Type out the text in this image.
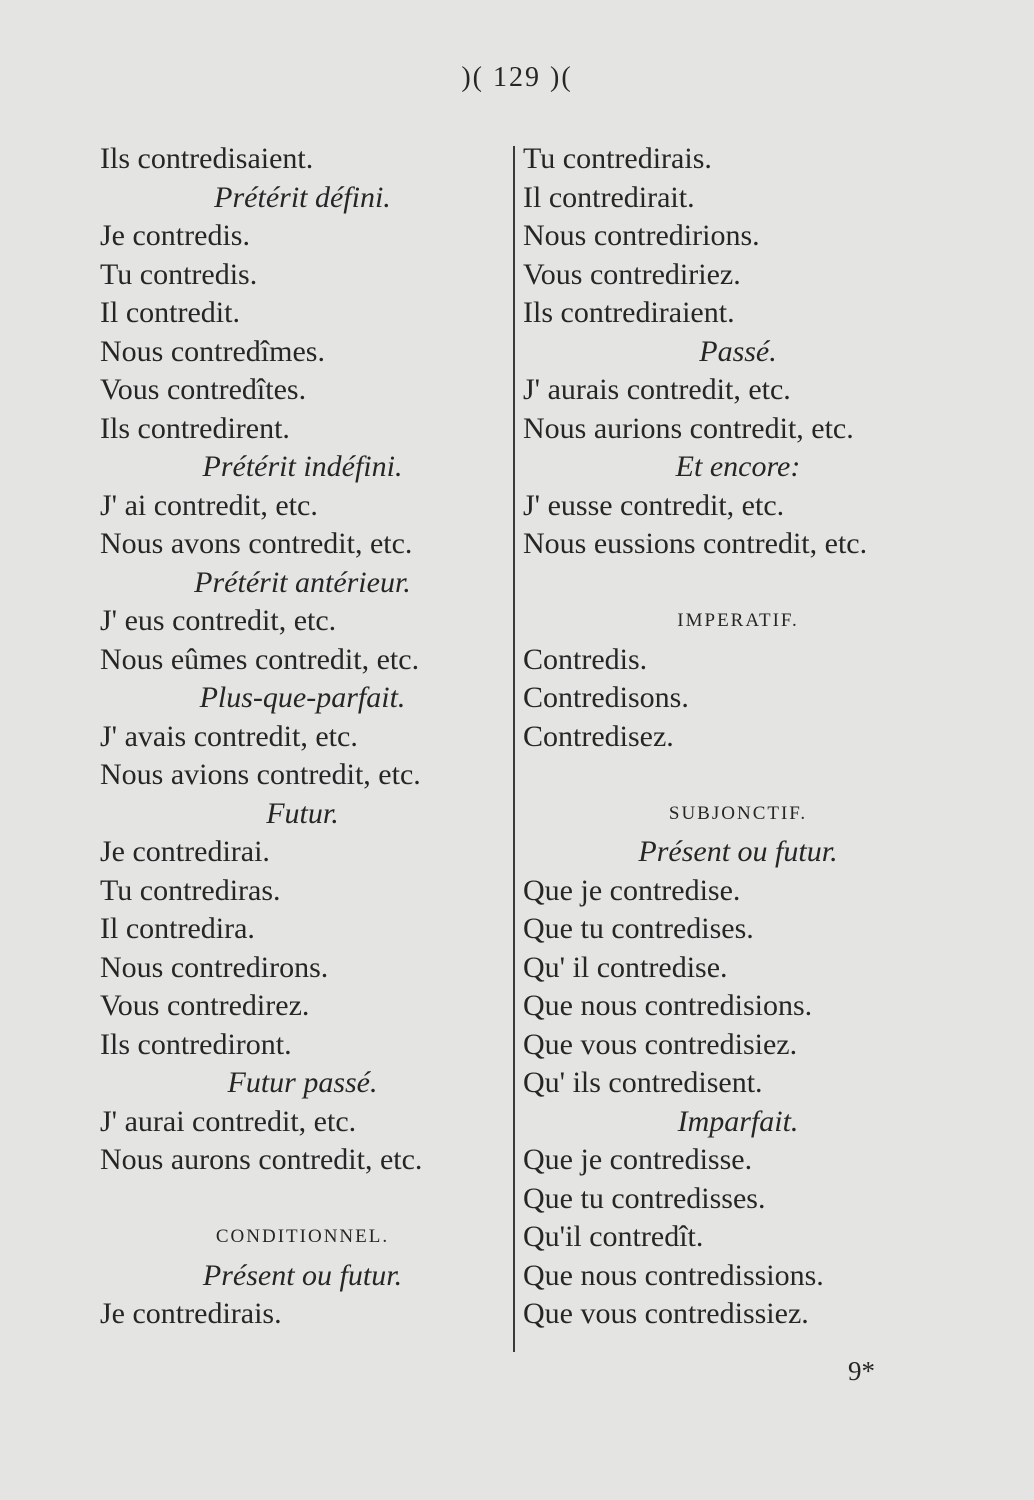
)( 129 )(
Ils contredisaient.
Prétérit défini.
Je contredis.
Tu contredis.
Il contredit.
Nous contredîmes.
Vous contredîtes.
Ils contredirent.
Prétérit indéfini.
J' ai contredit, etc.
Nous avons contredit, etc.
Prétérit antérieur.
J' eus contredit, etc.
Nous eûmes contredit, etc.
Plus-que-parfait.
J' avais contredit, etc.
Nous avions contredit, etc.
Futur.
Je contredirai.
Tu contrediras.
Il contredira.
Nous contredirons.
Vous contredirez.
Ils contrediront.
Futur passé.
J' aurai contredit, etc.
Nous aurons contredit, etc.
CONDITIONNEL.
Présent ou futur.
Je contredirais.
Tu contredirais.
Il contredirait.
Nous contredirions.
Vous contrediriez.
Ils contrediraient.
Passé.
J' aurais contredit, etc.
Nous aurions contredit, etc.
Et encore:
J' eusse contredit, etc.
Nous eussions contredit, etc.
IMPERATIF.
Contredis.
Contredisons.
Contredisez.
SUBJONCTIF.
Présent ou futur.
Que je contredise.
Que tu contredises.
Qu' il contredise.
Que nous contredisions.
Que vous contredisiez.
Qu' ils contredisent.
Imparfait.
Que je contredisse.
Que tu contredisses.
Qu'il contredît.
Que nous contredissions.
Que vous contredissiez.
9*
